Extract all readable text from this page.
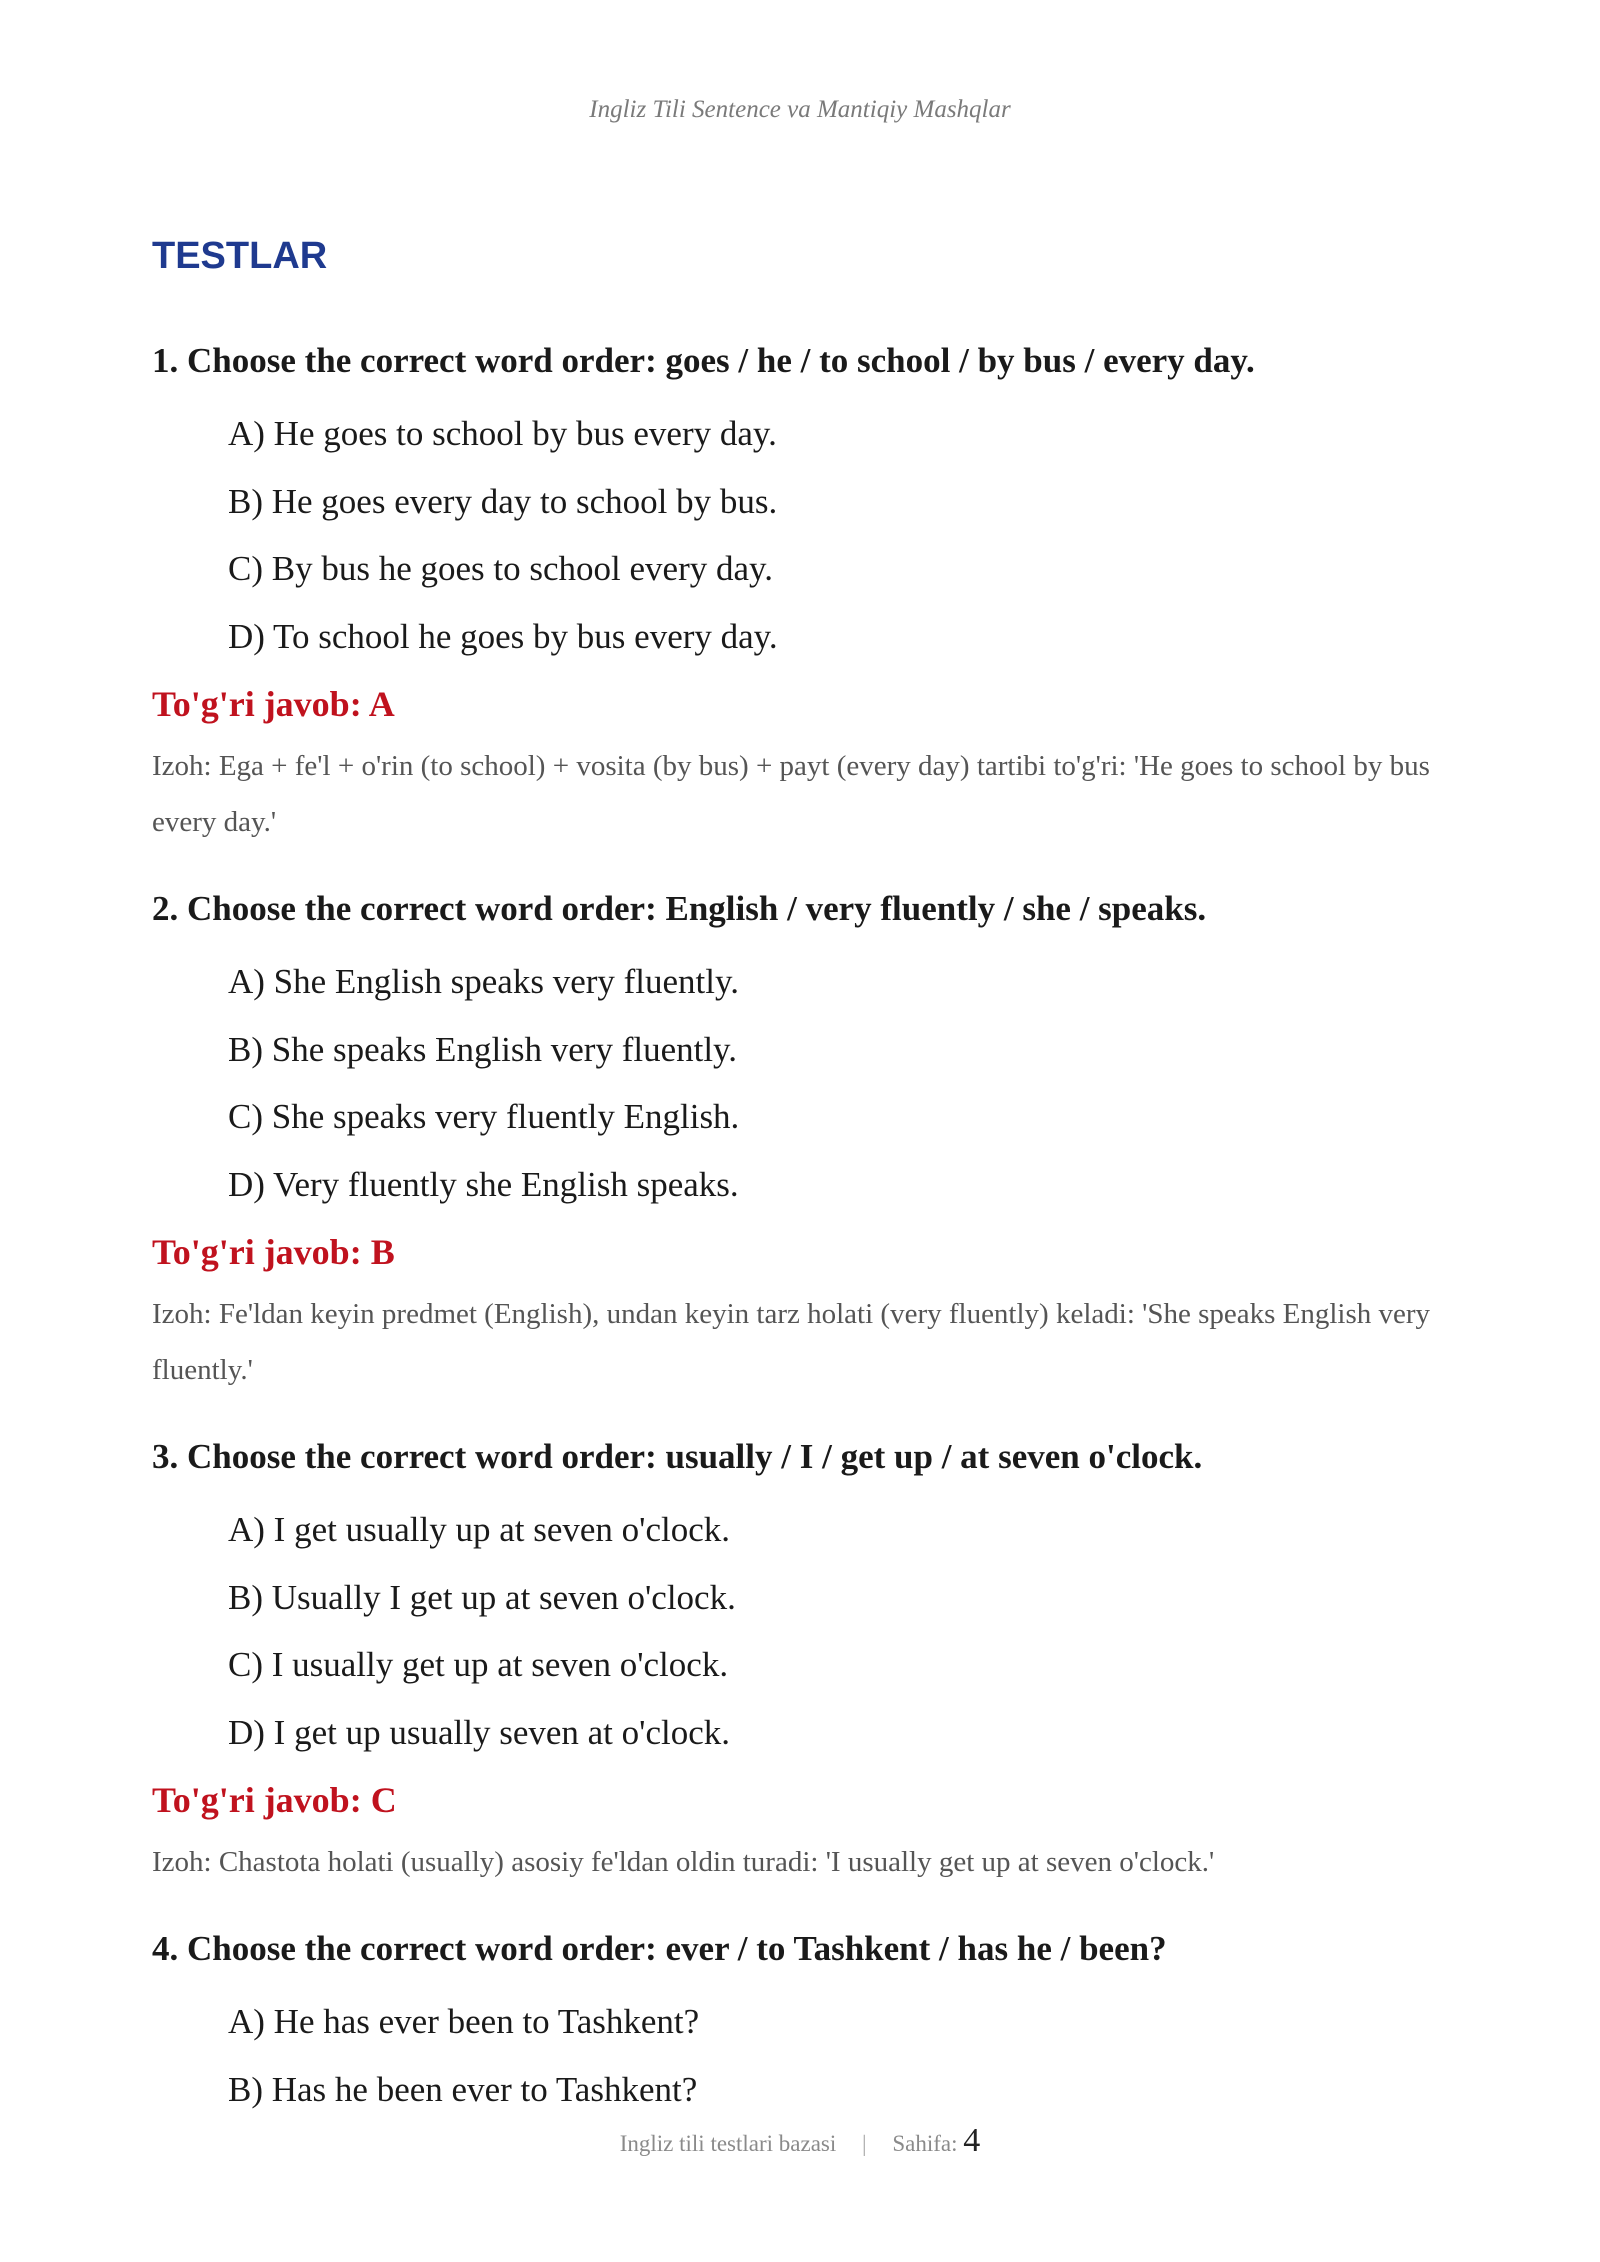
Ingliz Tili Sentence va Mantiqiy Mashqlar
TESTLAR
1. Choose the correct word order: goes / he / to school / by bus / every day.
A) He goes to school by bus every day.
B) He goes every day to school by bus.
C) By bus he goes to school every day.
D) To school he goes by bus every day.
To'g'ri javob: A
Izoh: Ega + fe'l + o'rin (to school) + vosita (by bus) + payt (every day) tartibi to'g'ri: 'He goes to school by bus every day.'
2. Choose the correct word order: English / very fluently / she / speaks.
A) She English speaks very fluently.
B) She speaks English very fluently.
C) She speaks very fluently English.
D) Very fluently she English speaks.
To'g'ri javob: B
Izoh: Fe'ldan keyin predmet (English), undan keyin tarz holati (very fluently) keladi: 'She speaks English very fluently.'
3. Choose the correct word order: usually / I / get up / at seven o'clock.
A) I get usually up at seven o'clock.
B) Usually I get up at seven o'clock.
C) I usually get up at seven o'clock.
D) I get up usually seven at o'clock.
To'g'ri javob: C
Izoh: Chastota holati (usually) asosiy fe'ldan oldin turadi: 'I usually get up at seven o'clock.'
4. Choose the correct word order: ever / to Tashkent / has he / been?
A) He has ever been to Tashkent?
B) Has he been ever to Tashkent?
Ingliz tili testlari bazasi | Sahifa: 4
